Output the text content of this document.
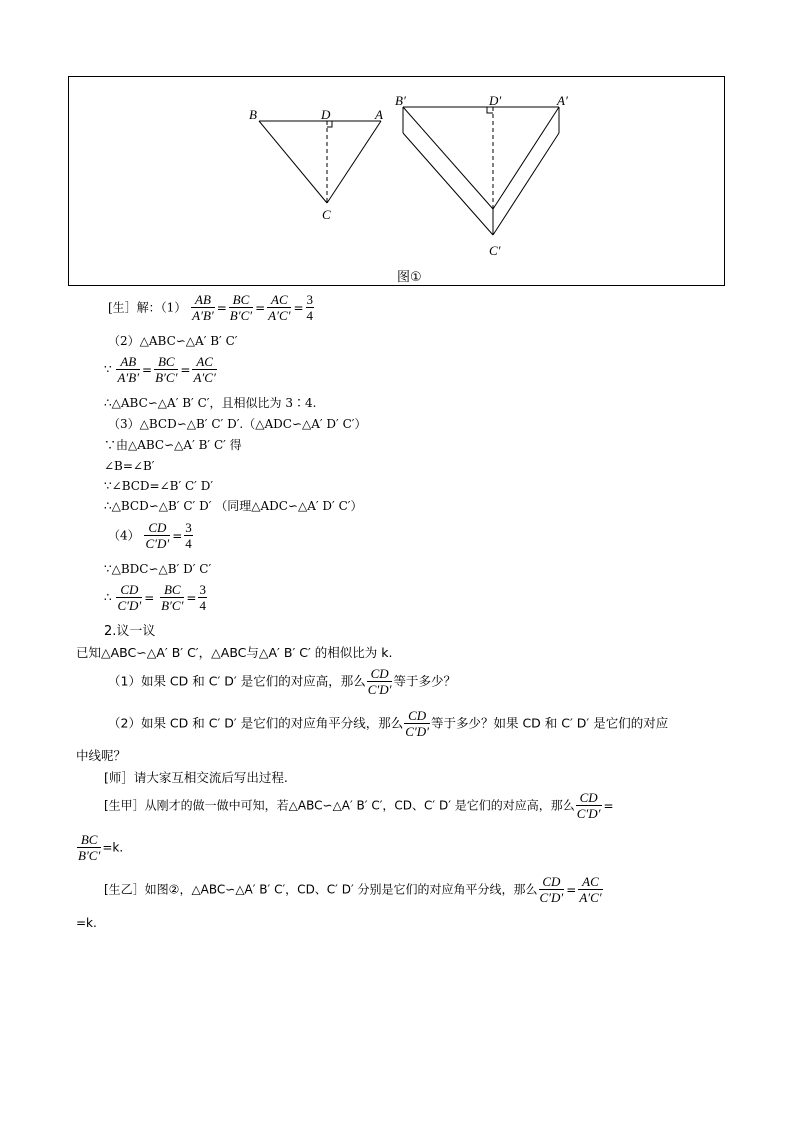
B	D	A
C
B′	D′	A′
C′
图①
[生］解：$(1) \frac{AB}{A'B'} = \frac{BC}{B'C'} = \frac{AC}{A'C'} = \frac{3}{4}$
（2）△ABC∽△A′ B′ C′
∵ $\frac{AB}{A'B'} = \frac{BC}{B'C'} = \frac{AC}{A'C'}$
∴△ABC∽△A′ B′ C′，且相似比为 3∶4.
（3）△BCD∽△B′ C′ D′.（△ADC∽△A′ D′ C′）
∵由△ABC∽△A′ B′ C′ 得
∠B=∠B′
∵∠BCD=∠B′ C′ D′
∴△BCD∽△B′ C′ D′ （同理△ADC∽△A′ D′ C′）
$(4) \frac{CD}{C'D'} = \frac{3}{4}$
∵△BDC∽△B′ D′ C′
∴ $\frac{CD}{C'D'} = \frac{BC}{B'C'} = \frac{3}{4}$
2.议一议
已知△ABC∽△A′ B′ C′，△ABC与△A′ B′ C′ 的相似比为 k.
（1）如果 CD 和 C′ D′ 是它们的对应高，那么 $\frac{CD}{C'D'}$ 等于多少？
（2）如果 CD 和 C′ D′ 是它们的对应角平分线，那么 $\frac{CD}{C'D'}$ 等于多少？如果 CD 和 C′ D′ 是它们的对应
中线呢？
[师］请大家互相交流后写出过程.
[生甲］从刚才的做一做中可知，若△ABC∽△A′ B′ C′，CD、C′ D′ 是它们的对应高，那么 $\frac{CD}{C'D'}$ =
$\frac{BC}{B'C'} =k$.
[生乙］如图②，△ABC∽△A′ B′ C′，CD、C′ D′ 分别是它们的对应角平分线，那么 $\frac{CD}{C'D'} = \frac{AC}{A'C'}$
=k.
